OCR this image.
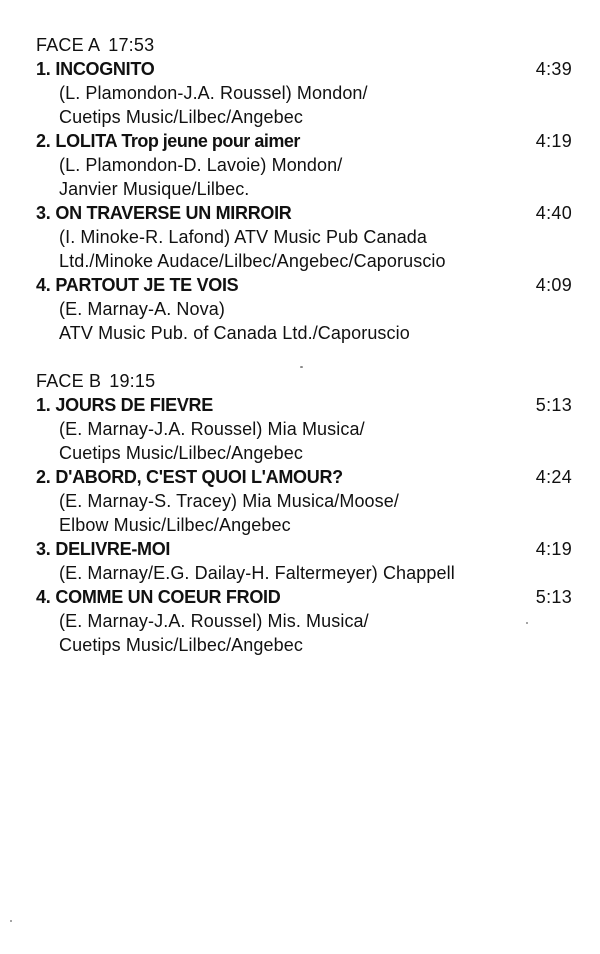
FACE A 17:53
1. INCOGNITO	4:39
(L. Plamondon-J.A. Roussel) Mondon/
Cuetips Music/Lilbec/Angebec
2. LOLITA Trop jeune pour aimer	4:19
(L. Plamondon-D. Lavoie) Mondon/
Janvier Musique/Lilbec.
3. ON TRAVERSE UN MIRROIR	4:40
(I. Minoke-R. Lafond) ATV Music Pub Canada
Ltd./Minoke Audace/Lilbec/Angebec/Caporuscio
4. PARTOUT JE TE VOIS	4:09
(E. Marnay-A. Nova)
ATV Music Pub. of Canada Ltd./Caporuscio
FACE B 19:15
1. JOURS DE FIEVRE	5:13
(E. Marnay-J.A. Roussel) Mia Musica/
Cuetips Music/Lilbec/Angebec
2. D'ABORD, C'EST QUOI L'AMOUR?	4:24
(E. Marnay-S. Tracey) Mia Musica/Moose/
Elbow Music/Lilbec/Angebec
3. DELIVRE-MOI	4:19
(E. Marnay/E.G. Dailay-H. Faltermeyer) Chappell
4. COMME UN COEUR FROID	5:13
(E. Marnay-J.A. Roussel) Mis. Musica/
Cuetips Music/Lilbec/Angebec
